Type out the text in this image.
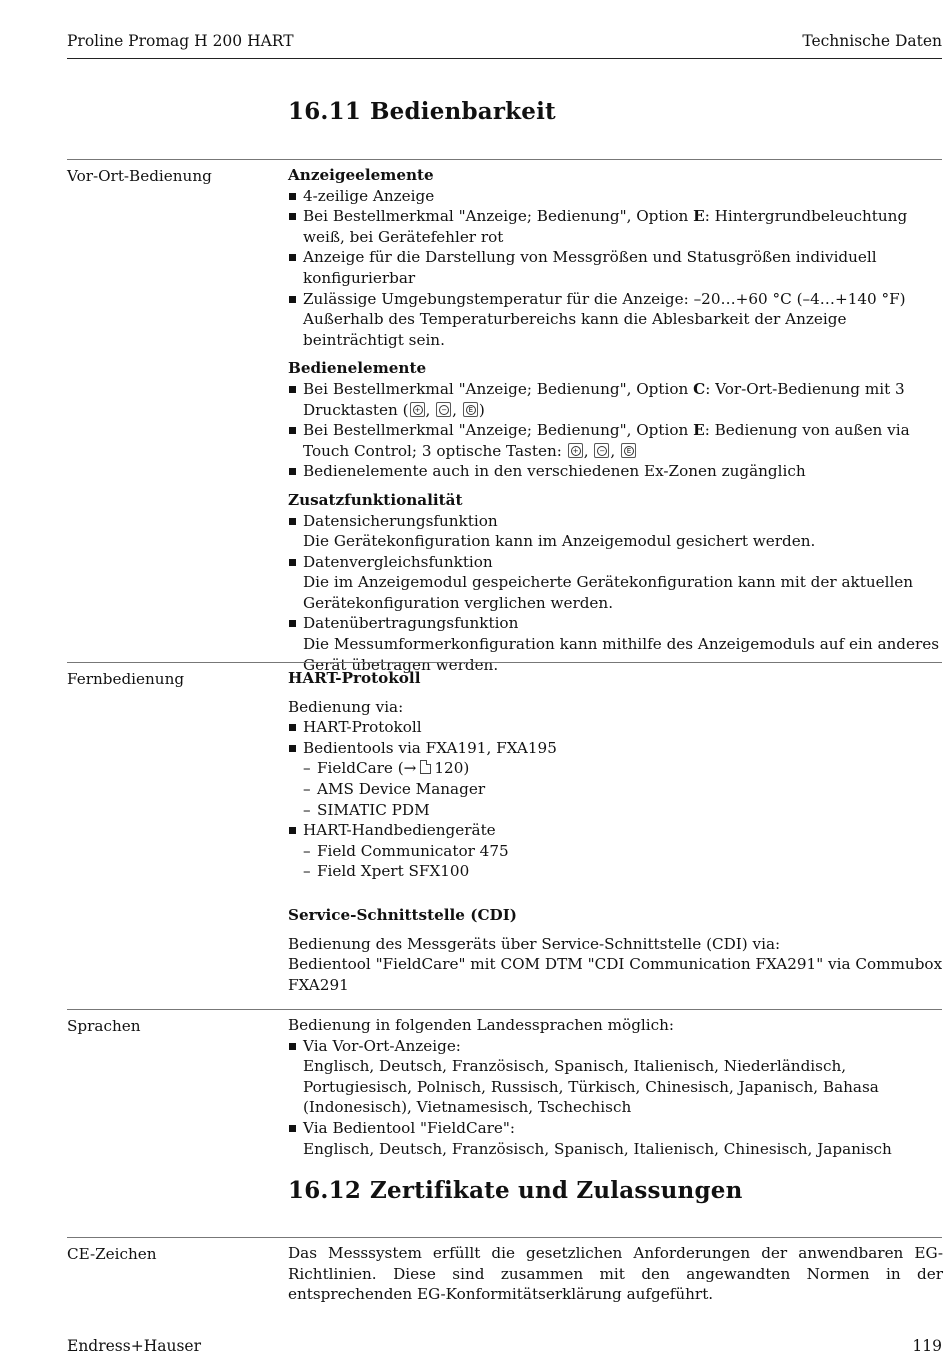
Proline Promag H 200 HART	Technische Daten
16.11 Bedienbarkeit
Vor-Ort-Bedienung	Anzeigeelemente
4-zeilige Anzeige
Bei Bestellmerkmal "Anzeige; Bedienung", Option E: Hintergrundbeleuchtung weiß, bei Gerätefehler rot
Anzeige für die Darstellung von Messgrößen und Statusgrößen individuell konfigurierbar
Zulässige Umgebungstemperatur für die Anzeige: –20…+60 °C (–4…+140 °F)
Außerhalb des Temperaturbereichs kann die Ablesbarkeit der Anzeige beinträchtigt sein.
Bedienelemente
Bei Bestellmerkmal "Anzeige; Bedienung", Option C: Vor-Ort-Bedienung mit 3 Drucktasten ( + , − , E )
Bei Bestellmerkmal "Anzeige; Bedienung", Option E: Bedienung von außen via Touch Control; 3 optische Tasten: + , − , E
Bedienelemente auch in den verschiedenen Ex-Zonen zugänglich
Zusatzfunktionalität
Datensicherungsfunktion
Die Gerätekonfiguration kann im Anzeigemodul gesichert werden.
Datenvergleichsfunktion
Die im Anzeigemodul gespeicherte Gerätekonfiguration kann mit der aktuellen Gerätekonfiguration verglichen werden.
Datenübertragungsfunktion
Die Messumformerkonfiguration kann mithilfe des Anzeigemoduls auf ein anderes Gerät übetragen werden.
Fernbedienung	HART-Protokoll
Bedienung via:
HART-Protokoll
Bedientools via FXA191, FXA195
– FieldCare (→ 120)
– AMS Device Manager
– SIMATIC PDM
HART-Handbediengeräte
– Field Communicator 475
– Field Xpert SFX100
Service-Schnittstelle (CDI)
Bedienung des Messgeräts über Service-Schnittstelle (CDI) via:
Bedientool "FieldCare" mit COM DTM "CDI Communication FXA291" via Commubox FXA291
Sprachen	Bedienung in folgenden Landessprachen möglich:
Via Vor-Ort-Anzeige:
Englisch, Deutsch, Französisch, Spanisch, Italienisch, Niederländisch, Portugiesisch, Polnisch, Russisch, Türkisch, Chinesisch, Japanisch, Bahasa (Indonesisch), Vietnamesisch, Tschechisch
Via Bedientool "FieldCare":
Englisch, Deutsch, Französisch, Spanisch, Italienisch, Chinesisch, Japanisch
16.12 Zertifikate und Zulassungen
CE-Zeichen	Das Messsystem erfüllt die gesetzlichen Anforderungen der anwendbaren EG-Richtlinien. Diese sind zusammen mit den angewandten Normen in der entsprechenden EG-Konformitätserklärung aufgeführt.
Endress+Hauser	119
